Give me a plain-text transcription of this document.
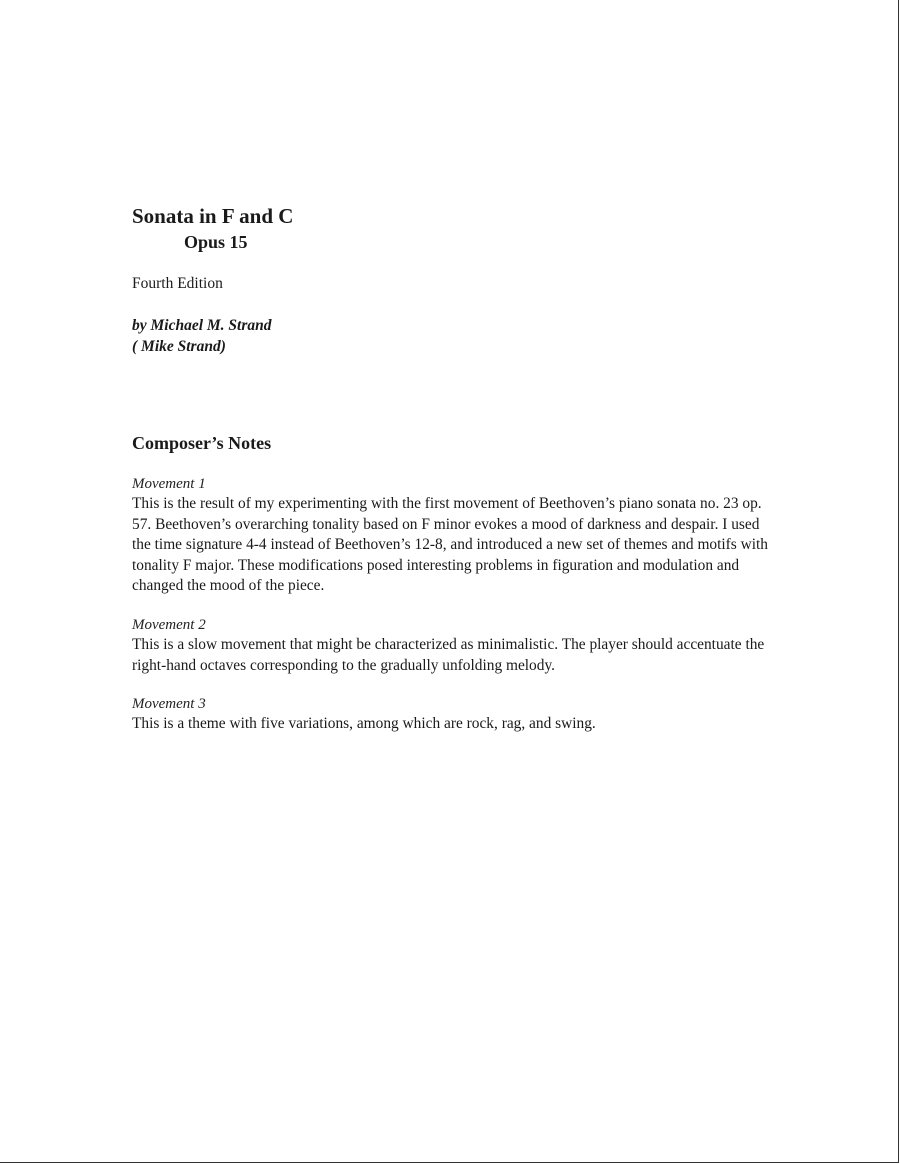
Sonata in F and C
Opus 15
Fourth Edition
by Michael M. Strand
( Mike Strand)
Composer’s Notes
Movement 1
This is the result of my experimenting with the first movement of Beethoven’s piano sonata no. 23 op. 57. Beethoven’s overarching tonality based on F minor evokes a mood of darkness and despair. I used the time signature 4-4 instead of Beethoven’s 12-8, and introduced a new set of themes and motifs with tonality F major. These modifications posed interesting problems in figuration and modulation and changed the mood of the piece.
Movement 2
This is a slow movement that might be characterized as minimalistic. The player should accentuate the right-hand octaves corresponding to the gradually unfolding melody.
Movement 3
This is a theme with five variations, among which are rock, rag, and swing.
